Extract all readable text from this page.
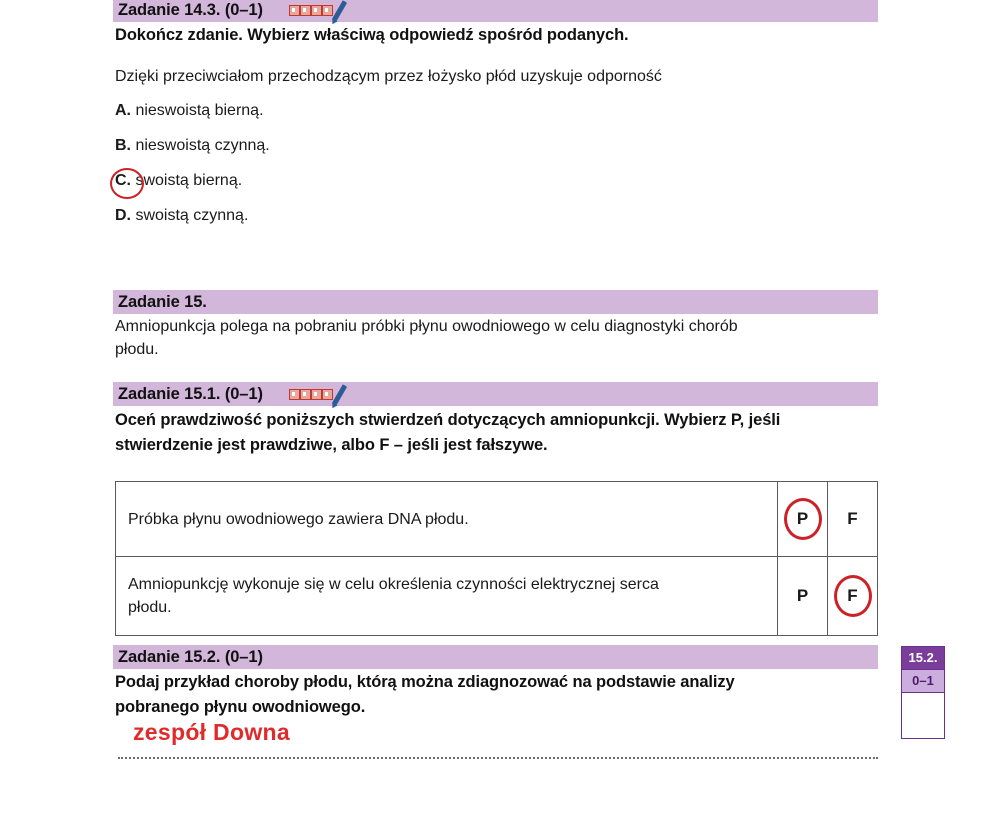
Zadanie 14.3. (0–1)
Dokończ zdanie. Wybierz właściwą odpowiedź spośród podanych.
Dzięki przeciwciałom przechodzącym przez łożysko płód uzyskuje odporność
A. nieswoistą bierną.
B. nieswoistą czynną.
C. swoistą bierną.
D. swoistą czynną.
Zadanie 15.
Amniopunkcja polega na pobraniu próbki płynu owodniowego w celu diagnostyki chorób
płodu.
Zadanie 15.1. (0–1)
Oceń prawdziwość poniższych stwierdzeń dotyczących amniopunkcji. Wybierz P, jeśli
stwierdzenie jest prawdziwe, albo F – jeśli jest fałszywe.
Próbka płynu owodniowego zawiera DNA płodu.	P	F

Amniopunkcję wykonuje się w celu określenia czynności elektrycznej serca
płodu.	P	F
Zadanie 15.2. (0–1)
Podaj przykład choroby płodu, którą można zdiagnozować na podstawie analizy
pobranego płynu owodniowego.
zespół Downa
15.2.
0–1
